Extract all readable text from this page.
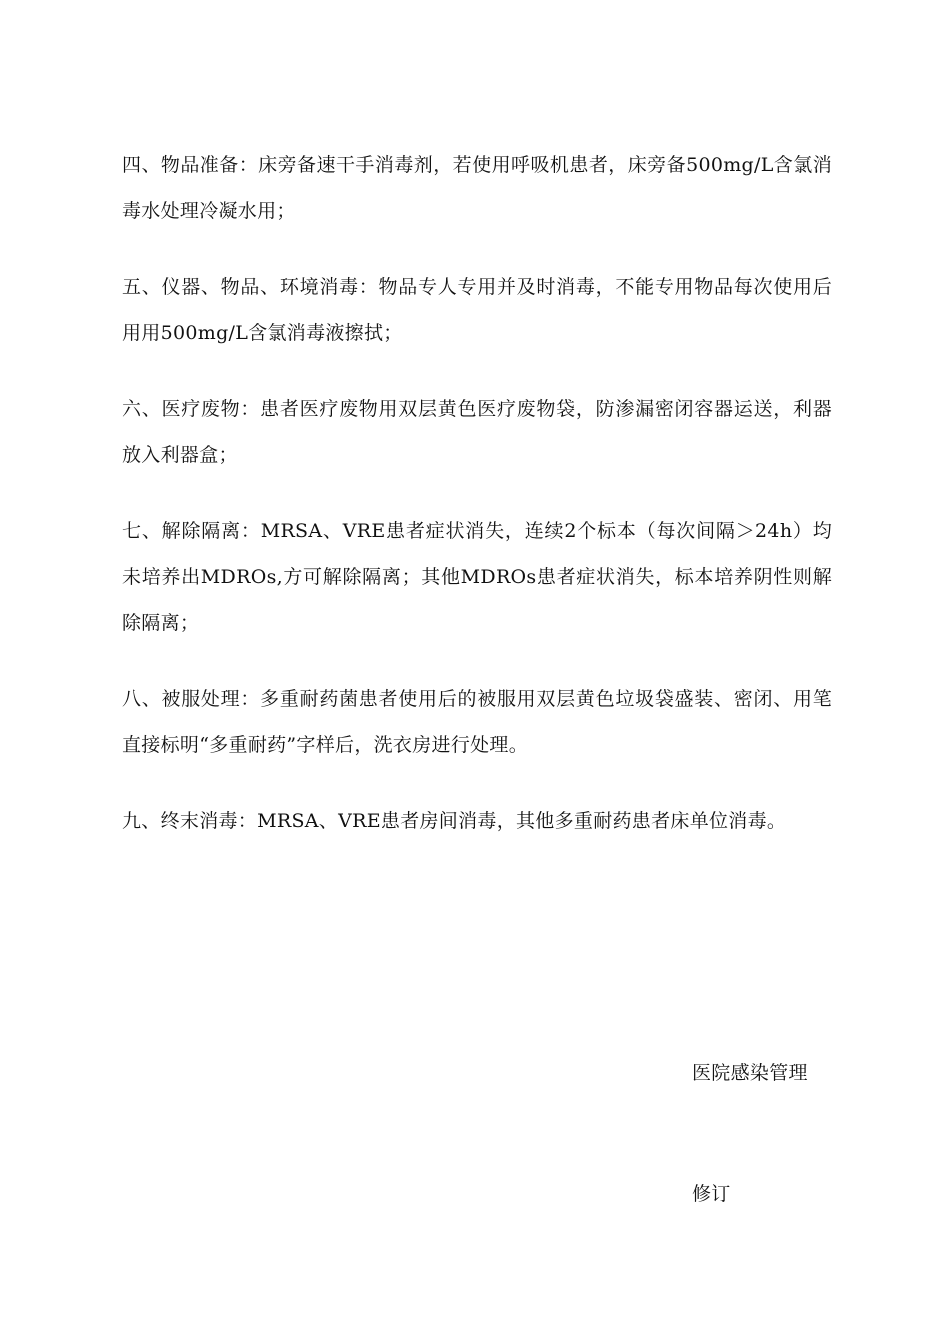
四、物品准备：床旁备速干手消毒剂，若使用呼吸机患者，床旁备500mg/L含氯消毒水处理冷凝水用；

五、仪器、物品、环境消毒：物品专人专用并及时消毒，不能专用物品每次使用后用用500mg/L含氯消毒液擦拭；

六、医疗废物：患者医疗废物用双层黄色医疗废物袋，防渗漏密闭容器运送，利器放入利器盒；

七、解除隔离：MRSA、VRE患者症状消失，连续2个标本（每次间隔＞24h）均未培养出MDROs,方可解除隔离；其他MDROs患者症状消失，标本培养阴性则解除隔离；

八、被服处理：多重耐药菌患者使用后的被服用双层黄色垃圾袋盛装、密闭、用笔直接标明“多重耐药”字样后，洗衣房进行处理。

九、终末消毒：MRSA、VRE患者房间消毒，其他多重耐药患者床单位消毒。

医院感染管理

修订
